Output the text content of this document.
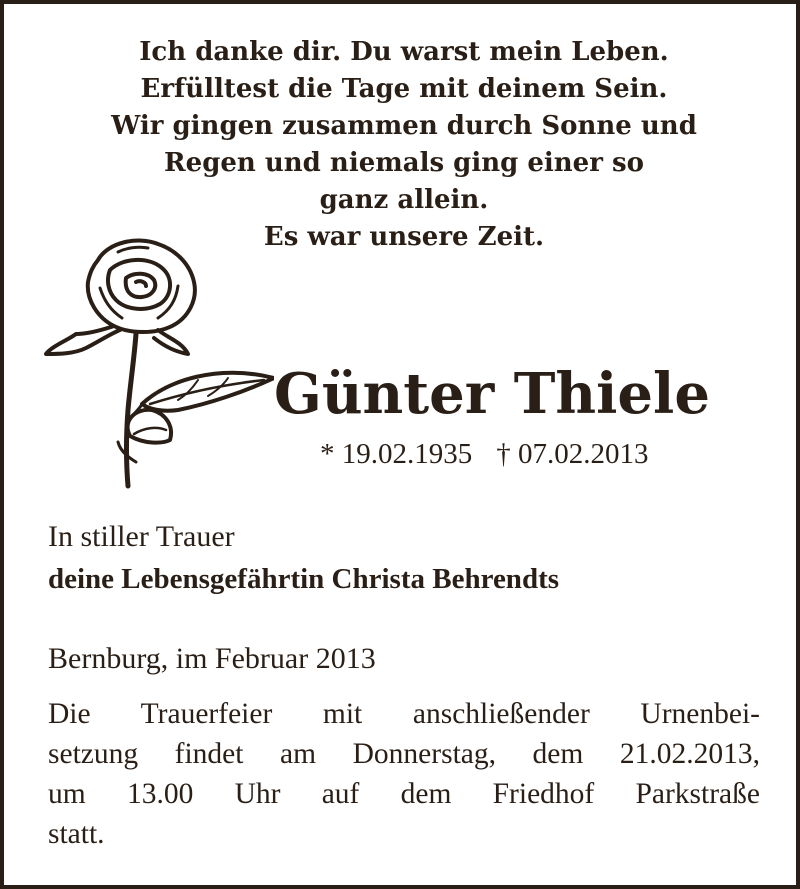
Ich danke dir. Du warst mein Leben.
Erfülltest die Tage mit deinem Sein.
Wir gingen zusammen durch Sonne und
Regen und niemals ging einer so
ganz allein.
Es war unsere Zeit.
Günter Thiele
* 19.02.1935 † 07.02.2013
In stiller Trauer
deine Lebensgefährtin Christa Behrendts
Bernburg, im Februar 2013
Die Trauerfeier mit anschließender Urnenbei-
setzung findet am Donnerstag, dem 21.02.2013,
um 13.00 Uhr auf dem Friedhof Parkstraße
statt.
